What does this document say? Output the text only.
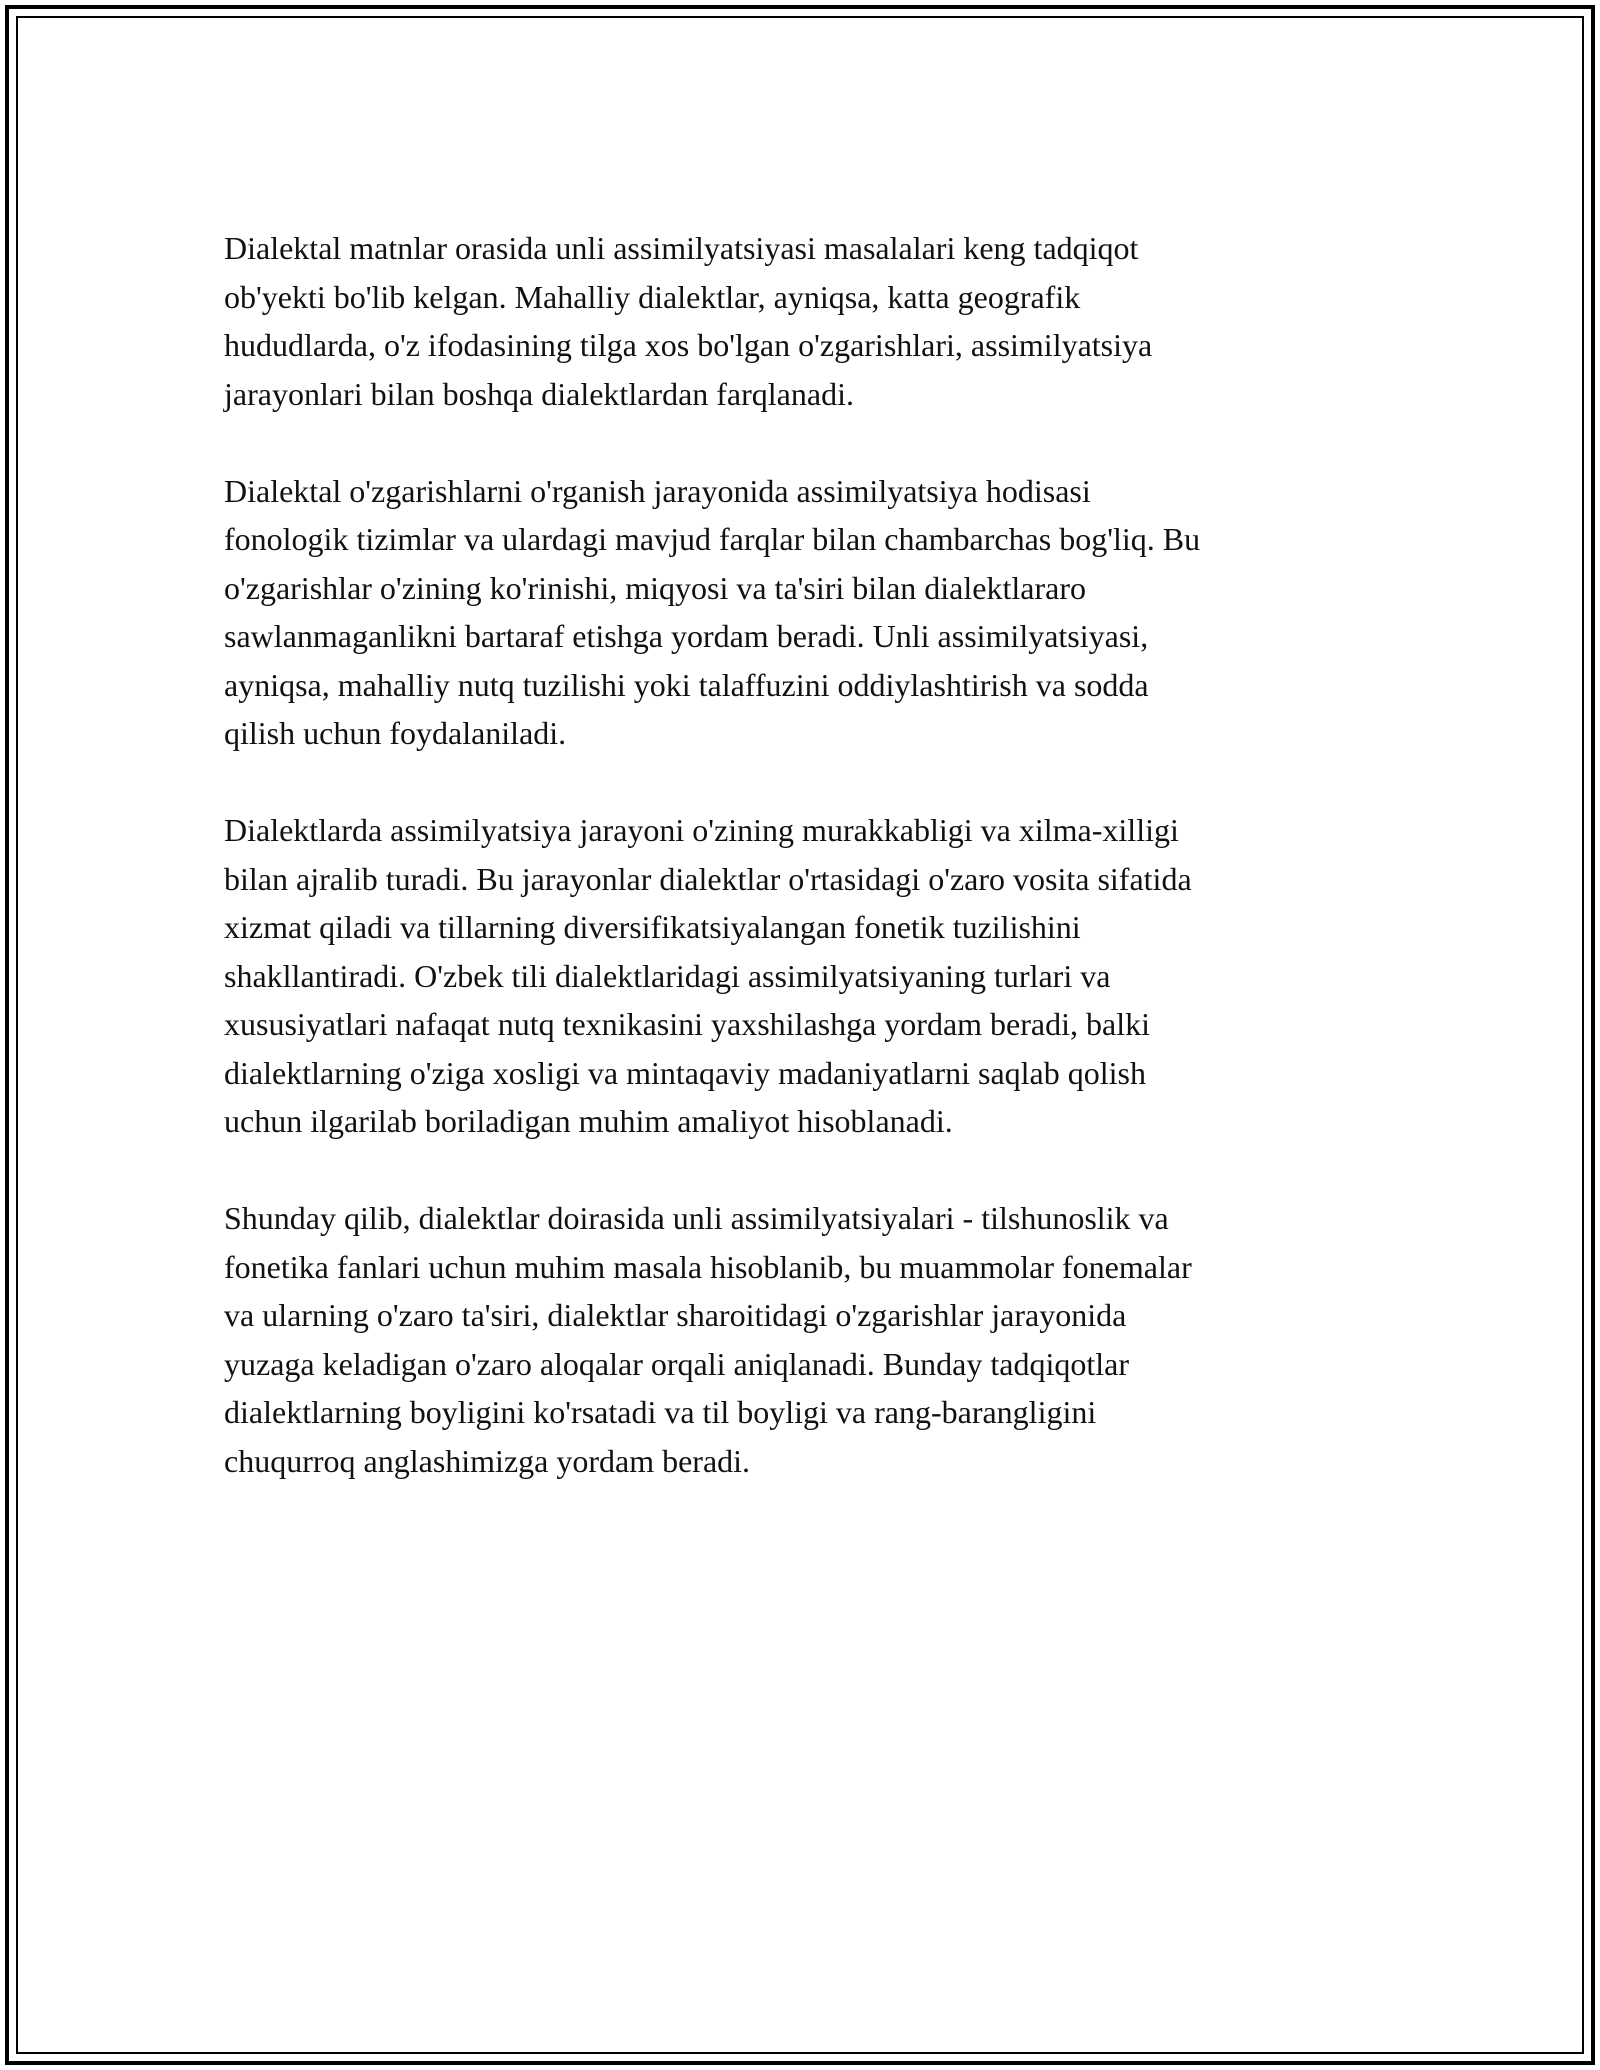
Dialektal matnlar orasida unli assimilyatsiyasi masalalari keng tadqiqot
ob'yekti bo'lib kelgan. Mahalliy dialektlar, ayniqsa, katta geografik
hududlarda, o'z ifodasining tilga xos bo'lgan o'zgarishlari, assimilyatsiya
jarayonlari bilan boshqa dialektlardan farqlanadi.

Dialektal o'zgarishlarni o'rganish jarayonida assimilyatsiya hodisasi
fonologik tizimlar va ulardagi mavjud farqlar bilan chambarchas bog'liq. Bu
o'zgarishlar o'zining ko'rinishi, miqyosi va ta'siri bilan dialektlararo
sawlanmaganlikni bartaraf etishga yordam beradi. Unli assimilyatsiyasi,
ayniqsa, mahalliy nutq tuzilishi yoki talaffuzini oddiylashtirish va sodda
qilish uchun foydalaniladi.

Dialektlarda assimilyatsiya jarayoni o'zining murakkabligi va xilma-xilligi
bilan ajralib turadi. Bu jarayonlar dialektlar o'rtasidagi o'zaro vosita sifatida
xizmat qiladi va tillarning diversifikatsiyalangan fonetik tuzilishini
shakllantiradi. O'zbek tili dialektlaridagi assimilyatsiyaning turlari va
xususiyatlari nafaqat nutq texnikasini yaxshilashga yordam beradi, balki
dialektlarning o'ziga xosligi va mintaqaviy madaniyatlarni saqlab qolish
uchun ilgarilab boriladigan muhim amaliyot hisoblanadi.

Shunday qilib, dialektlar doirasida unli assimilyatsiyalari - tilshunoslik va
fonetika fanlari uchun muhim masala hisoblanib, bu muammolar fonemalar
va ularning o'zaro ta'siri, dialektlar sharoitidagi o'zgarishlar jarayonida
yuzaga keladigan o'zaro aloqalar orqali aniqlanadi. Bunday tadqiqotlar
dialektlarning boyligini ko'rsatadi va til boyligi va rang-barangligini
chuqurroq anglashimizga yordam beradi.
